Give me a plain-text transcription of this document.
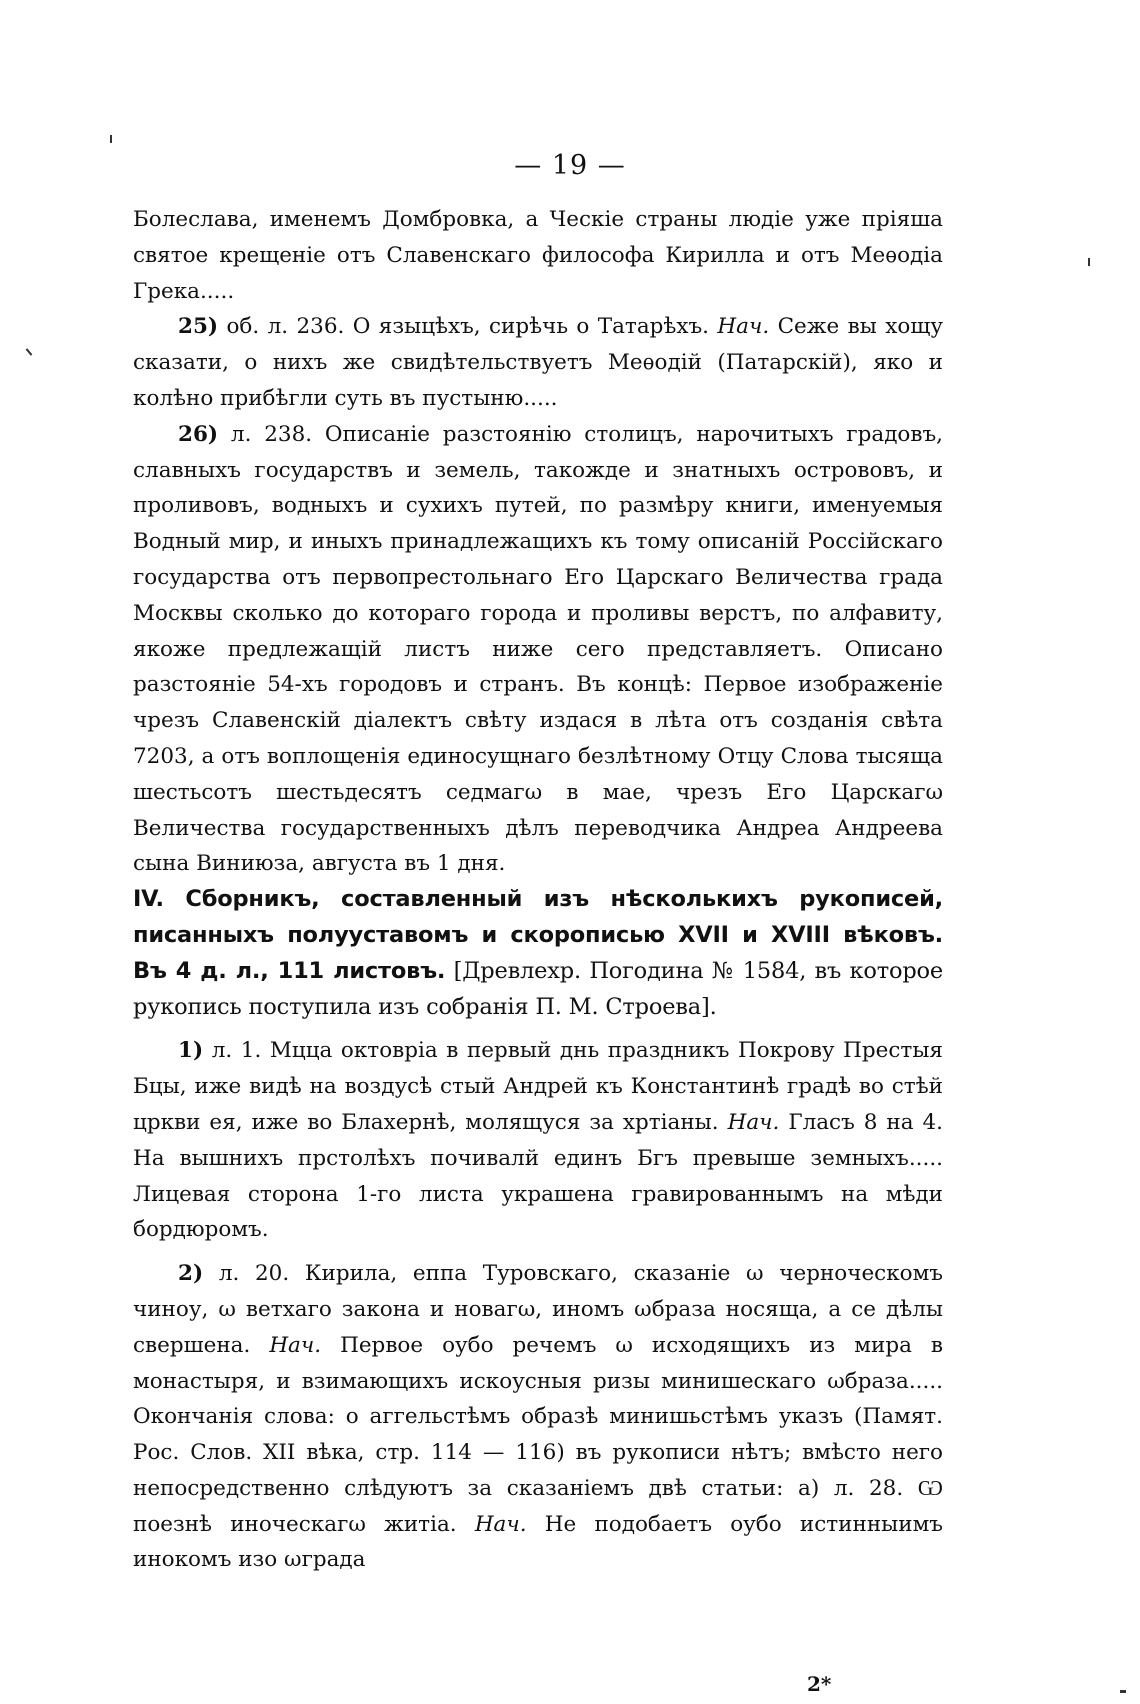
— 19 —

Болеслава, именемъ Домбровка, а Ческіе страны людіе уже пріяша святое крещеніе отъ Славенскаго философа Кирилла и отъ Меѳодіа Грека.....

25) об. л. 236. О языцѣхъ, сирѣчь о Татарѣхъ. Нач. Сеже вы хощу сказати, о нихъ же свидѣтельствуетъ Меѳодій (Патарскій), яко и колѣно прибѣгли суть въ пустыню.....

26) л. 238. Описаніе разстоянію столицъ, нарочитыхъ градовъ, славныхъ государствъ и земель, такожде и знатныхъ острововъ, и проливовъ, водныхъ и сухихъ путей, по размѣру книги, именуемыя Водный мир, и иныхъ принадлежащихъ къ тому описаній Россійскаго государства отъ первопрестольнаго Его Царскаго Величества града Москвы сколько до котораго города и проливы верстъ, по алфавиту, якоже предлежащій листъ ниже сего представляетъ. Описано разстояніе 54-хъ городовъ и странъ. Въ концѣ: Первое изображеніе чрезъ Славенскій діалектъ свѣту издася в лѣта отъ созданія свѣта 7203, а отъ воплощенія единосущнаго безлѣтному Отцу Слова тысяща шестьсотъ шестьдесятъ седмагω в мае, чрезъ Его Царскагω Величества государственныхъ дѣлъ переводчика Андреа Андреева сына Виниюза, августа въ 1 дня.

IV. Сборникъ, составленный изъ нѣсколькихъ рукописей, писанныхъ полууставомъ и скорописью XVII и XVIII вѣковъ. Въ 4 д. л., 111 листовъ. [Древлехр. Погодина № 1584, въ которое рукопись поступила изъ собранія П. М. Строева].

1) л. 1. Мцца октовріа в первый днь праздникъ Покрову Престыя Бцы, иже видѣ на воздусѣ стый Андрей къ Константинѣ градѣ во стѣй цркви ея, иже во Блахернѣ, молящуся за хртіаны. Нач. Гласъ 8 на 4. На вышнихъ прстолѣхъ почивалй единъ Бгъ превыше земныхъ..... Лицевая сторона 1-го листа украшена гравированнымъ на мѣди бордюромъ.

2) л. 20. Кирила, еппа Туровскаго, сказаніе ω черноческомъ чиноу, ω ветхаго закона и новагω, иномъ ωбраза носяща, а се дѣлы свершена. Нач. Первое оубо речемъ ω исходящихъ из мира в монастыря, и взимающихъ искоусныя ризы минишескаго ωбраза..... Окончанія слова: о аггельстѣмъ образѣ минишьстѣмъ указъ (Памят. Рос. Слов. XII вѣка, стр. 114 — 116) въ рукописи нѣтъ; вмѣсто него непосредственно слѣдуютъ за сказаніемъ двѣ статьи: а) л. 28. Ѡ поезнѣ иноческагω житіа. Нач. Не подобаетъ оубо истинныимъ инокомъ изо ωграда

2*
